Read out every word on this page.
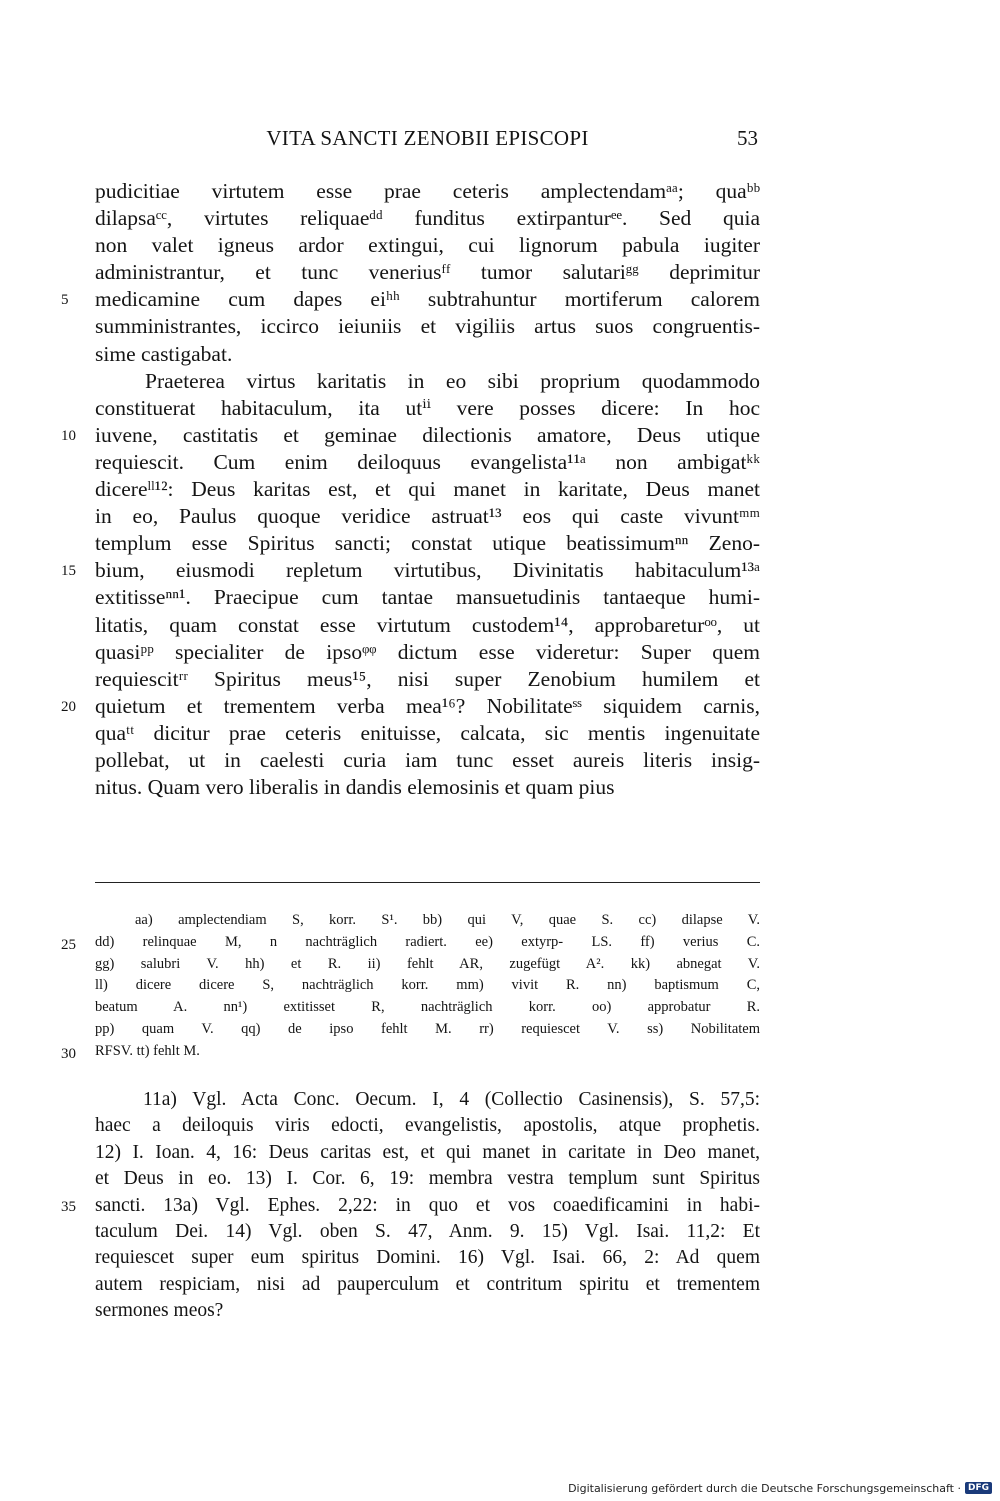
VITA SANCTI ZENOBII EPISCOPI	53
pudicitiae virtutem esse prae ceteris amplectendamᵃᵃ; quaᵇᵇ
dilapsaᶜᶜ, virtutes reliquaeᵈᵈ funditus extirpanturᵉᵉ. Sed quia
non valet igneus ardor extingui, cui lignorum pabula iugiter
administrantur, et tunc veneriusᶠᶠ tumor salutariᵍᵍ deprimitur
5	medicamine cum dapes eiʰʰ subtrahuntur mortiferum calorem
sumministrantes, iccirco ieiuniis et vigiliis artus suos congruentis-
sime castigabat.
Praeterea virtus karitatis in eo sibi proprium quodammodo
constituerat habitaculum, ita utⁱⁱ vere posses dicere: In hoc
10 iuvene, castitatis et geminae dilectionis amatore, Deus utique
requiescit. Cum enim deiloquus evangelista¹¹ᵃ non ambigatᵏᵏ
dicereˡˡ¹²: Deus karitas est, et qui manet in karitate, Deus manet
in eo, Paulus quoque veridice astruat¹³ eos qui caste vivuntᵐᵐ
templum esse Spiritus sancti; constat utique beatissimumⁿⁿ Zeno-
15 bium, eiusmodi repletum virtutibus, Divinitatis habitaculum¹³ᵃ
extitisseⁿⁿ¹. Praecipue cum tantae mansuetudinis tantaeque humi-
litatis, quam constat esse virtutum custodem¹⁴, approbareturᵒᵒ, ut
quasiᵖᵖ specialiter de ipsoᵠᵠ dictum esse videretur: Super quem
requiescitʳʳ Spiritus meus¹⁵, nisi super Zenobium humilem et
20 quietum et trementem verba mea¹⁶? Nobilitateˢˢ siquidem carnis,
quaᵗᵗ dicitur prae ceteris enituisse, calcata, sic mentis ingenuitate
pollebat, ut in caelesti curia iam tunc esset aureis literis insig-
nitus. Quam vero liberalis in dandis elemosinis et quam pius
aa) amplectendiam S, korr. S¹. bb) qui V, quae S. cc) dilapse V.
25	dd) relinquae M, n nachträglich radiert. ee) extyrp- LS. ff) verius C.
gg) salubri V. hh) et R. ii) fehlt AR, zugefügt A². kk) abnegat V.
ll) dicere dicere S, nachträglich korr. mm) vivit R. nn) baptismum C,
beatum A. nn¹) extitisset R, nachträglich korr. oo) approbatur R.
pp) quam V. qq) de ipso fehlt M. rr) requiescet V. ss) Nobilitatem
30	RFSV. tt) fehlt M.
11a) Vgl. Acta Conc. Oecum. I, 4 (Collectio Casinensis), S. 57,5:
haec a deiloquis viris edocti, evangelistis, apostolis, atque prophetis.
12) I. Ioan. 4, 16: Deus caritas est, et qui manet in caritate in Deo manet,
et Deus in eo. 13) I. Cor. 6, 19: membra vestra templum sunt Spiritus
35 sancti. 13a) Vgl. Ephes. 2,22: in quo et vos coaedificamini in habi-
taculum Dei. 14) Vgl. oben S. 47, Anm. 9. 15) Vgl. Isai. 11,2: Et
requiescet super eum spiritus Domini. 16) Vgl. Isai. 66, 2: Ad quem
autem respiciam, nisi ad pauperculum et contritum spiritu et trementem
sermones meos?
Digitalisierung gefördert durch die Deutsche Forschungsgemeinschaft · DFG
